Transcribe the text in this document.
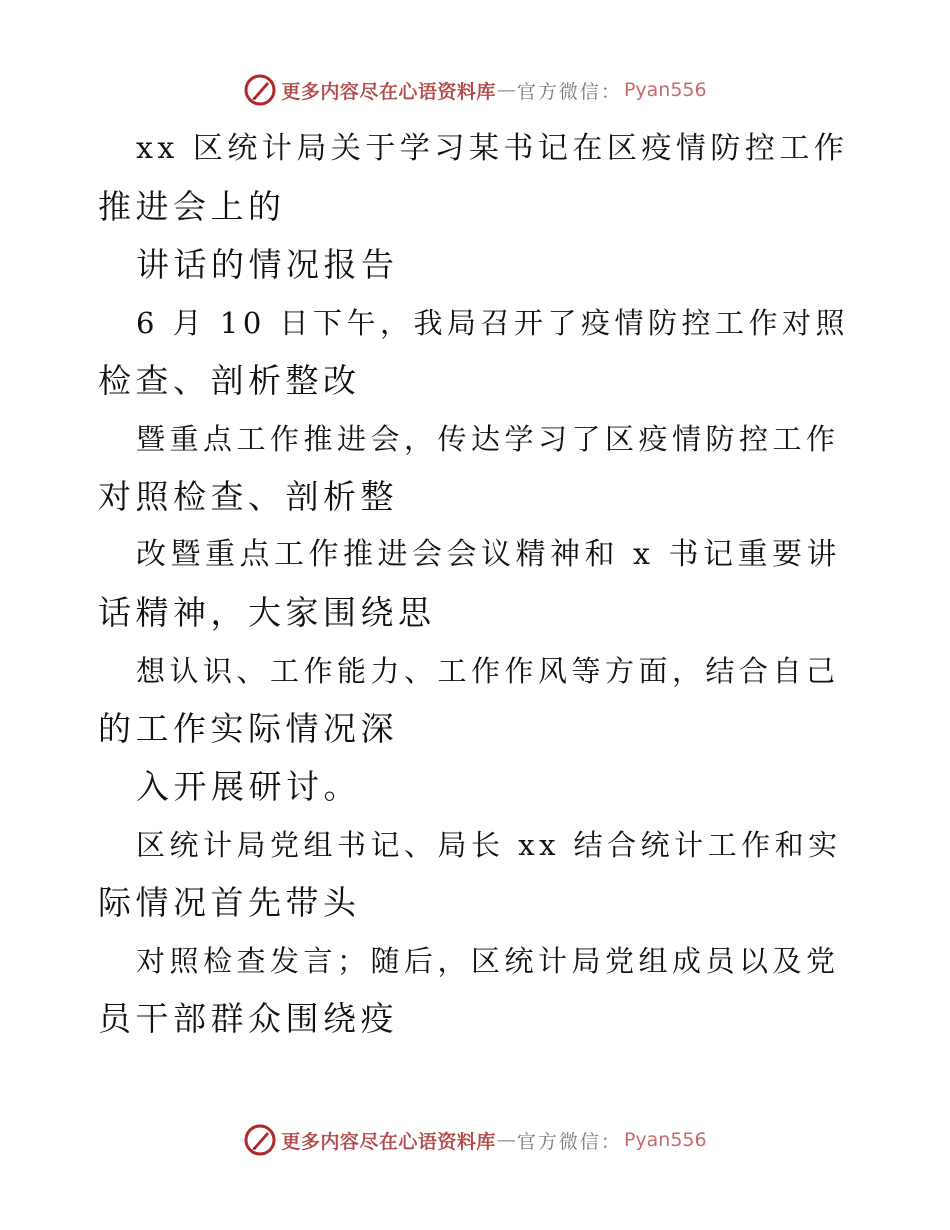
更多内容尽在心语资料库 — 官方微信： Pyan556
xx 区统计局关于学习某书记在区疫情防控工作
推进会上的
讲话的情况报告
6 月 10 日下午，我局召开了疫情防控工作对照
检查、剖析整改
暨重点工作推进会，传达学习了区疫情防控工作
对照检查、剖析整
改暨重点工作推进会会议精神和 x 书记重要讲
话精神，大家围绕思
想认识、工作能力、工作作风等方面，结合自己
的工作实际情况深
入开展研讨。
区统计局党组书记、局长 xx 结合统计工作和实
际情况首先带头
对照检查发言；随后，区统计局党组成员以及党
员干部群众围绕疫
更多内容尽在心语资料库 — 官方微信： Pyan556
